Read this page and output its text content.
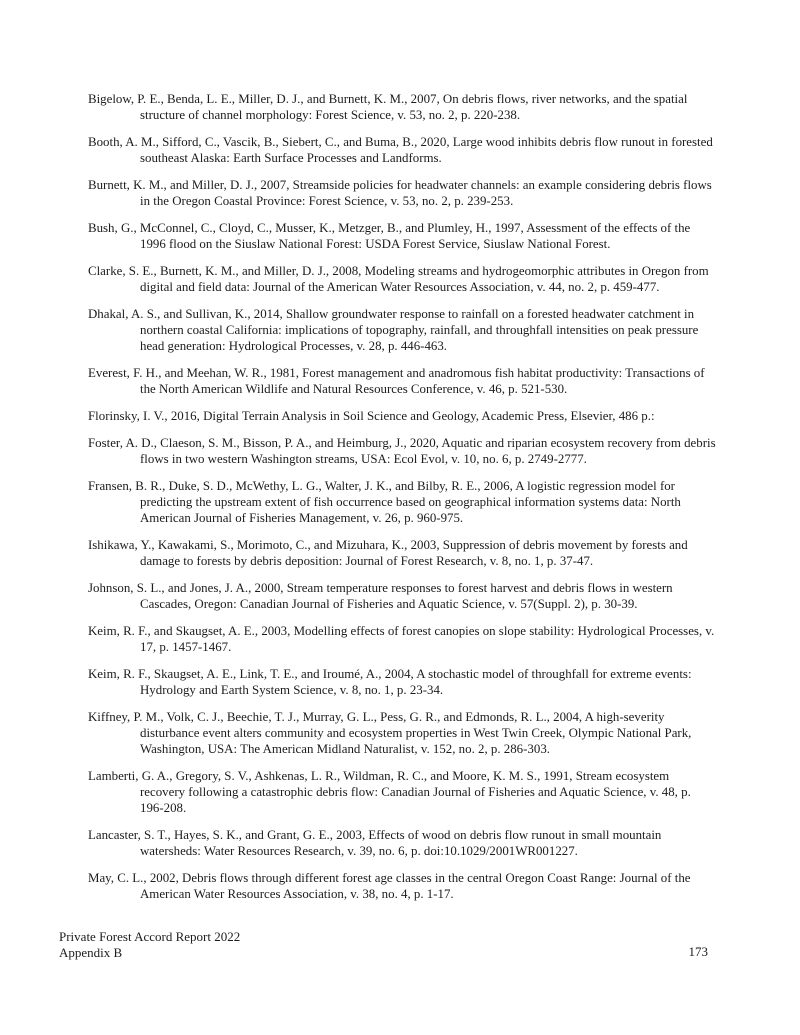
Bigelow, P. E., Benda, L. E., Miller, D. J., and Burnett, K. M., 2007, On debris flows, river networks, and the spatial structure of channel morphology: Forest Science, v. 53, no. 2, p. 220-238.
Booth, A. M., Sifford, C., Vascik, B., Siebert, C., and Buma, B., 2020, Large wood inhibits debris flow runout in forested southeast Alaska: Earth Surface Processes and Landforms.
Burnett, K. M., and Miller, D. J., 2007, Streamside policies for headwater channels: an example considering debris flows in the Oregon Coastal Province: Forest Science, v. 53, no. 2, p. 239-253.
Bush, G., McConnel, C., Cloyd, C., Musser, K., Metzger, B., and Plumley, H., 1997, Assessment of the effects of the 1996 flood on the Siuslaw National Forest: USDA Forest Service, Siuslaw National Forest.
Clarke, S. E., Burnett, K. M., and Miller, D. J., 2008, Modeling streams and hydrogeomorphic attributes in Oregon from digital and field data: Journal of the American Water Resources Association, v. 44, no. 2, p. 459-477.
Dhakal, A. S., and Sullivan, K., 2014, Shallow groundwater response to rainfall on a forested headwater catchment in northern coastal California: implications of topography, rainfall, and throughfall intensities on peak pressure head generation: Hydrological Processes, v. 28, p. 446-463.
Everest, F. H., and Meehan, W. R., 1981, Forest management and anadromous fish habitat productivity: Transactions of the North American Wildlife and Natural Resources Conference, v. 46, p. 521-530.
Florinsky, I. V., 2016, Digital Terrain Analysis in Soil Science and Geology, Academic Press, Elsevier, 486 p.:
Foster, A. D., Claeson, S. M., Bisson, P. A., and Heimburg, J., 2020, Aquatic and riparian ecosystem recovery from debris flows in two western Washington streams, USA: Ecol Evol, v. 10, no. 6, p. 2749-2777.
Fransen, B. R., Duke, S. D., McWethy, L. G., Walter, J. K., and Bilby, R. E., 2006, A logistic regression model for predicting the upstream extent of fish occurrence based on geographical information systems data: North American Journal of Fisheries Management, v. 26, p. 960-975.
Ishikawa, Y., Kawakami, S., Morimoto, C., and Mizuhara, K., 2003, Suppression of debris movement by forests and damage to forests by debris deposition: Journal of Forest Research, v. 8, no. 1, p. 37-47.
Johnson, S. L., and Jones, J. A., 2000, Stream temperature responses to forest harvest and debris flows in western Cascades, Oregon: Canadian Journal of Fisheries and Aquatic Science, v. 57(Suppl. 2), p. 30-39.
Keim, R. F., and Skaugset, A. E., 2003, Modelling effects of forest canopies on slope stability: Hydrological Processes, v. 17, p. 1457-1467.
Keim, R. F., Skaugset, A. E., Link, T. E., and Iroumé, A., 2004, A stochastic model of throughfall for extreme events: Hydrology and Earth System Science, v. 8, no. 1, p. 23-34.
Kiffney, P. M., Volk, C. J., Beechie, T. J., Murray, G. L., Pess, G. R., and Edmonds, R. L., 2004, A high-severity disturbance event alters community and ecosystem properties in West Twin Creek, Olympic National Park, Washington, USA: The American Midland Naturalist, v. 152, no. 2, p. 286-303.
Lamberti, G. A., Gregory, S. V., Ashkenas, L. R., Wildman, R. C., and Moore, K. M. S., 1991, Stream ecosystem recovery following a catastrophic debris flow: Canadian Journal of Fisheries and Aquatic Science, v. 48, p. 196-208.
Lancaster, S. T., Hayes, S. K., and Grant, G. E., 2003, Effects of wood on debris flow runout in small mountain watersheds: Water Resources Research, v. 39, no. 6, p. doi:10.1029/2001WR001227.
May, C. L., 2002, Debris flows through different forest age classes in the central Oregon Coast Range: Journal of the American Water Resources Association, v. 38, no. 4, p. 1-17.
Private Forest Accord Report 2022
Appendix B	173
